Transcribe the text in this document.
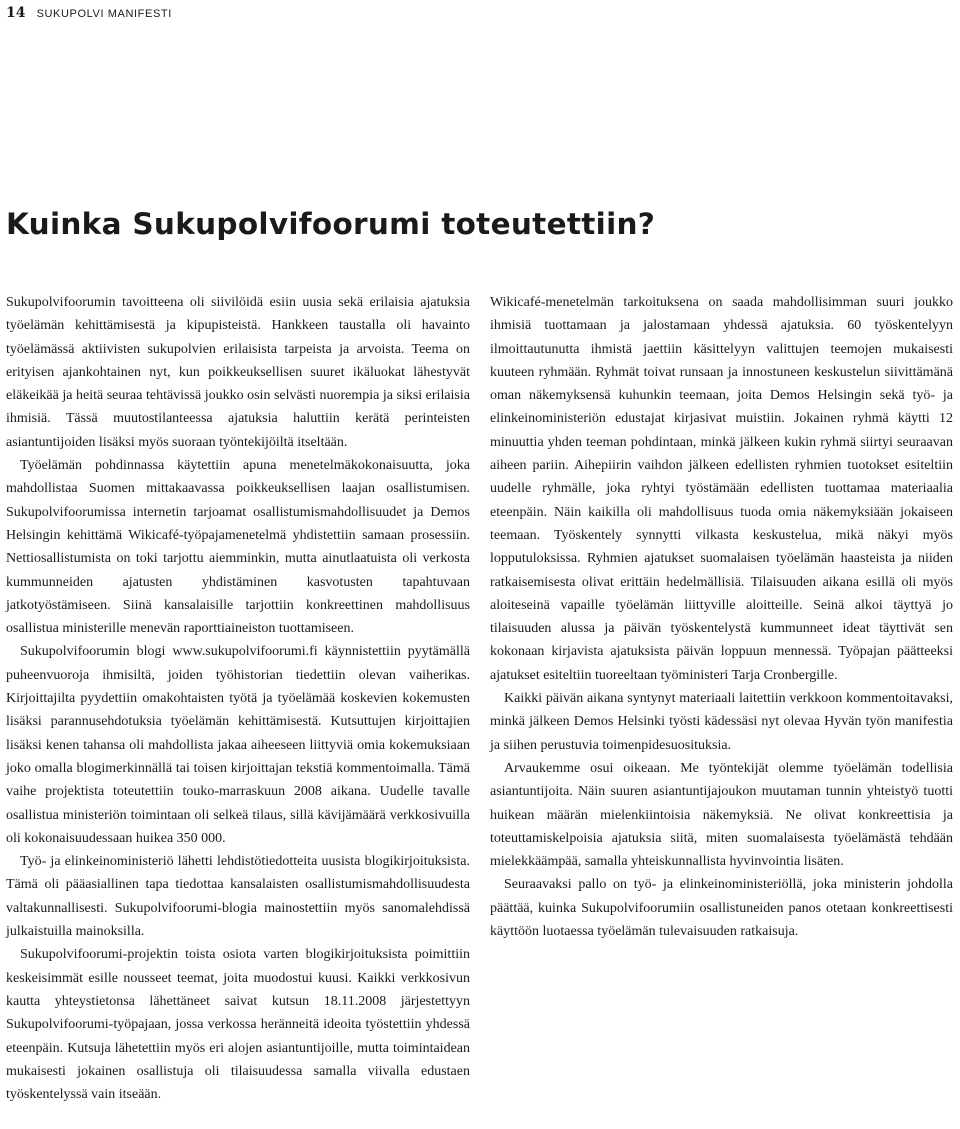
14 SUKUPOLVI MANIFESTI
Kuinka Sukupolvifoorumi toteutettiin?

Sukupolvifoorumin tavoitteena oli siivilöidä esiin uusia sekä erilaisia ajatuksia työelämän kehittämisestä ja kipupisteistä. Hankkeen taustalla oli havainto työelämässä aktiivisten sukupolvien erilaisista tarpeista ja arvoista. Teema on erityisen ajankohtainen nyt, kun poikkeuksellisen suuret ikäluokat lähestyvät eläkeikää ja heitä seuraa tehtävissä joukko osin selvästi nuorempia ja siksi erilaisia ihmisiä. Tässä muutostilanteessa ajatuksia haluttiin kerätä perinteisten asiantuntijoiden lisäksi myös suoraan työntekijöiltä itseltään.

Työelämän pohdinnassa käytettiin apuna menetelmäkokonaisuutta, joka mahdollistaa Suomen mittakaavassa poikkeuksellisen laajan osallistumisen. Sukupolvifoorumissa internetin tarjoamat osallistumismahdollisuudet ja Demos Helsingin kehittämä Wikicafé-työpajamenetelmä yhdistettiin samaan prosessiin. Nettiosallistumista on toki tarjottu aiemminkin, mutta ainutlaatuista oli verkosta kummunneiden ajatusten yhdistäminen kasvotusten tapahtuvaan jatkotyöstämiseen. Siinä kansalaisille tarjottiin konkreettinen mahdollisuus osallistua ministerille menevän raporttiaineiston tuottamiseen.

Sukupolvifoorumin blogi www.sukupolvifoorumi.fi käynnistettiin pyytämällä puheenvuoroja ihmisiltä, joiden työhistorian tiedettiin olevan vaiherikas. Kirjoittajilta pyydettiin omakohtaisten työtä ja työelämää koskevien kokemusten lisäksi parannusehdotuksia työelämän kehittämisestä. Kutsuttujen kirjoittajien lisäksi kenen tahansa oli mahdollista jakaa aiheeseen liittyviä omia kokemuksiaan joko omalla blogimerkinnällä tai toisen kirjoittajan tekstiä kommentoimalla. Tämä vaihe projektista toteutettiin touko-marraskuun 2008 aikana. Uudelle tavalle osallistua ministeriön toimintaan oli selkeä tilaus, sillä kävijämäärä verkkosivuilla oli kokonaisuudessaan huikea 350 000.

Työ- ja elinkeinoministeriö lähetti lehdistötiedotteita uusista blogikirjoituksista. Tämä oli pääasiallinen tapa tiedottaa kansalaisten osallistumismahdollisuudesta valtakunnallisesti. Sukupolvifoorumi-blogia mainostettiin myös sanomalehdissä julkaistuilla mainoksilla.

Sukupolvifoorumi-projektin toista osiota varten blogikirjoituksista poimittiin keskeisimmät esille nousseet teemat, joita muodostui kuusi. Kaikki verkkosivun kautta yhteystietonsa lähettäneet saivat kutsun 18.11.2008 järjestettyyn Sukupolvifoorumi-työpajaan, jossa verkossa heränneitä ideoita työstettiin yhdessä eteenpäin. Kutsuja lähetettiin myös eri alojen asiantuntijoille, mutta toimintaidean mukaisesti jokainen osallistuja oli tilaisuudessa samalla viivalla edustaen työskentelyssä vain itseään.

Wikicafé-menetelmän tarkoituksena on saada mahdollisimman suuri joukko ihmisiä tuottamaan ja jalostamaan yhdessä ajatuksia. 60 työskentelyyn ilmoittautunutta ihmistä jaettiin käsittelyyn valittujen teemojen mukaisesti kuuteen ryhmään. Ryhmät toivat runsaan ja innostuneen keskustelun siivittämänä oman näkemyksensä kuhunkin teemaan, joita Demos Helsingin sekä työ- ja elinkeinoministeriön edustajat kirjasivat muistiin. Jokainen ryhmä käytti 12 minuuttia yhden teeman pohdintaan, minkä jälkeen kukin ryhmä siirtyi seuraavan aiheen pariin. Aihepiirin vaihdon jälkeen edellisten ryhmien tuotokset esiteltiin uudelle ryhmälle, joka ryhtyi työstämään edellisten tuottamaa materiaalia eteenpäin. Näin kaikilla oli mahdollisuus tuoda omia näkemyksiään jokaiseen teemaan. Työskentely synnytti vilkasta keskustelua, mikä näkyi myös lopputuloksissa. Ryhmien ajatukset suomalaisen työelämän haasteista ja niiden ratkaisemisesta olivat erittäin hedelmällisiä. Tilaisuuden aikana esillä oli myös aloiteseinä vapaille työelämän liittyville aloitteille. Seinä alkoi täyttyä jo tilaisuuden alussa ja päivän työskentelystä kummunneet ideat täyttivät sen kokonaan kirjavista ajatuksista päivän loppuun mennessä. Työpajan päätteeksi ajatukset esiteltiin tuoreeltaan työministeri Tarja Cronbergille.

Kaikki päivän aikana syntynyt materiaali laitettiin verkkoon kommentoitavaksi, minkä jälkeen Demos Helsinki työsti kädessäsi nyt olevaa Hyvän työn manifestia ja siihen perustuvia toimenpidesuosituksia.

Arvaukemme osui oikeaan. Me työntekijät olemme työelämän todellisia asiantuntijoita. Näin suuren asiantuntijajoukon muutaman tunnin yhteistyö tuotti huikean määrän mielenkiintoisia näkemyksiä. Ne olivat konkreettisia ja toteuttamiskelpoisia ajatuksia siitä, miten suomalaisesta työelämästä tehdään mielekkäämpää, samalla yhteiskunnallista hyvinvointia lisäten.

Seuraavaksi pallo on työ- ja elinkeinoministeriöllä, joka ministerin johdolla päättää, kuinka Sukupolvifoorumiin osallistuneiden panos otetaan konkreettisesti käyttöön luotaessa työelämän tulevaisuuden ratkaisuja.
